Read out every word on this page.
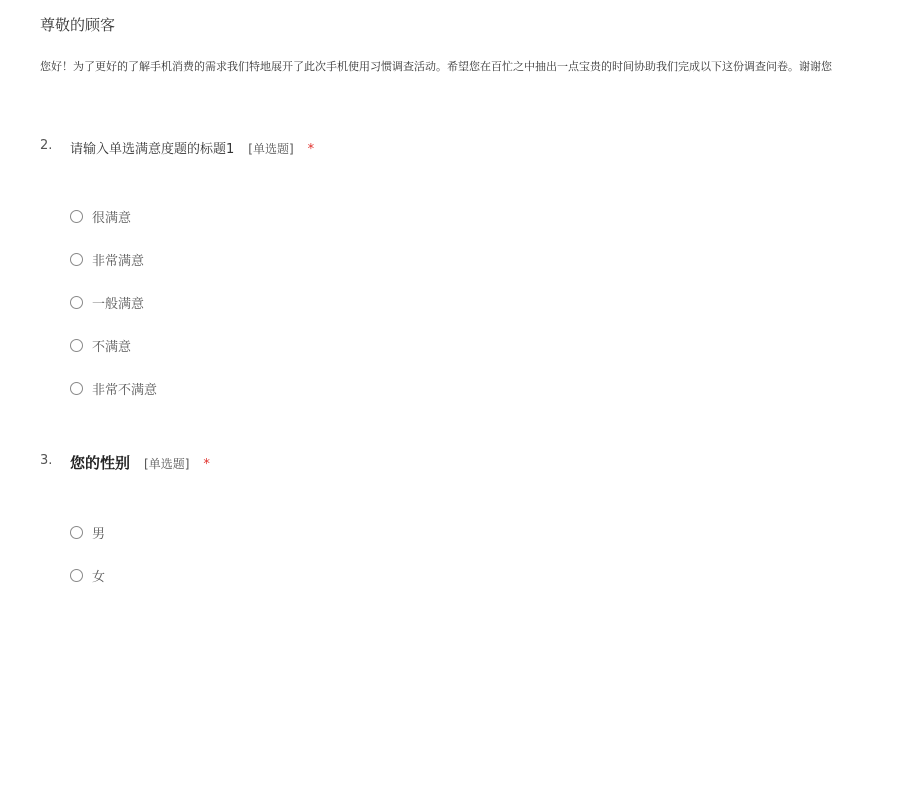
尊敬的顾客
您好！为了更好的了解手机消费的需求我们特地展开了此次手机使用习惯调查活动。希望您在百忙之中抽出一点宝贵的时间协助我们完成以下这份调查问卷。谢谢您
2. 请输入单选满意度题的标题1 [单选题] *
很满意
非常满意
一般满意
不满意
非常不满意
3. 您的性别 [单选题] *
男
女
